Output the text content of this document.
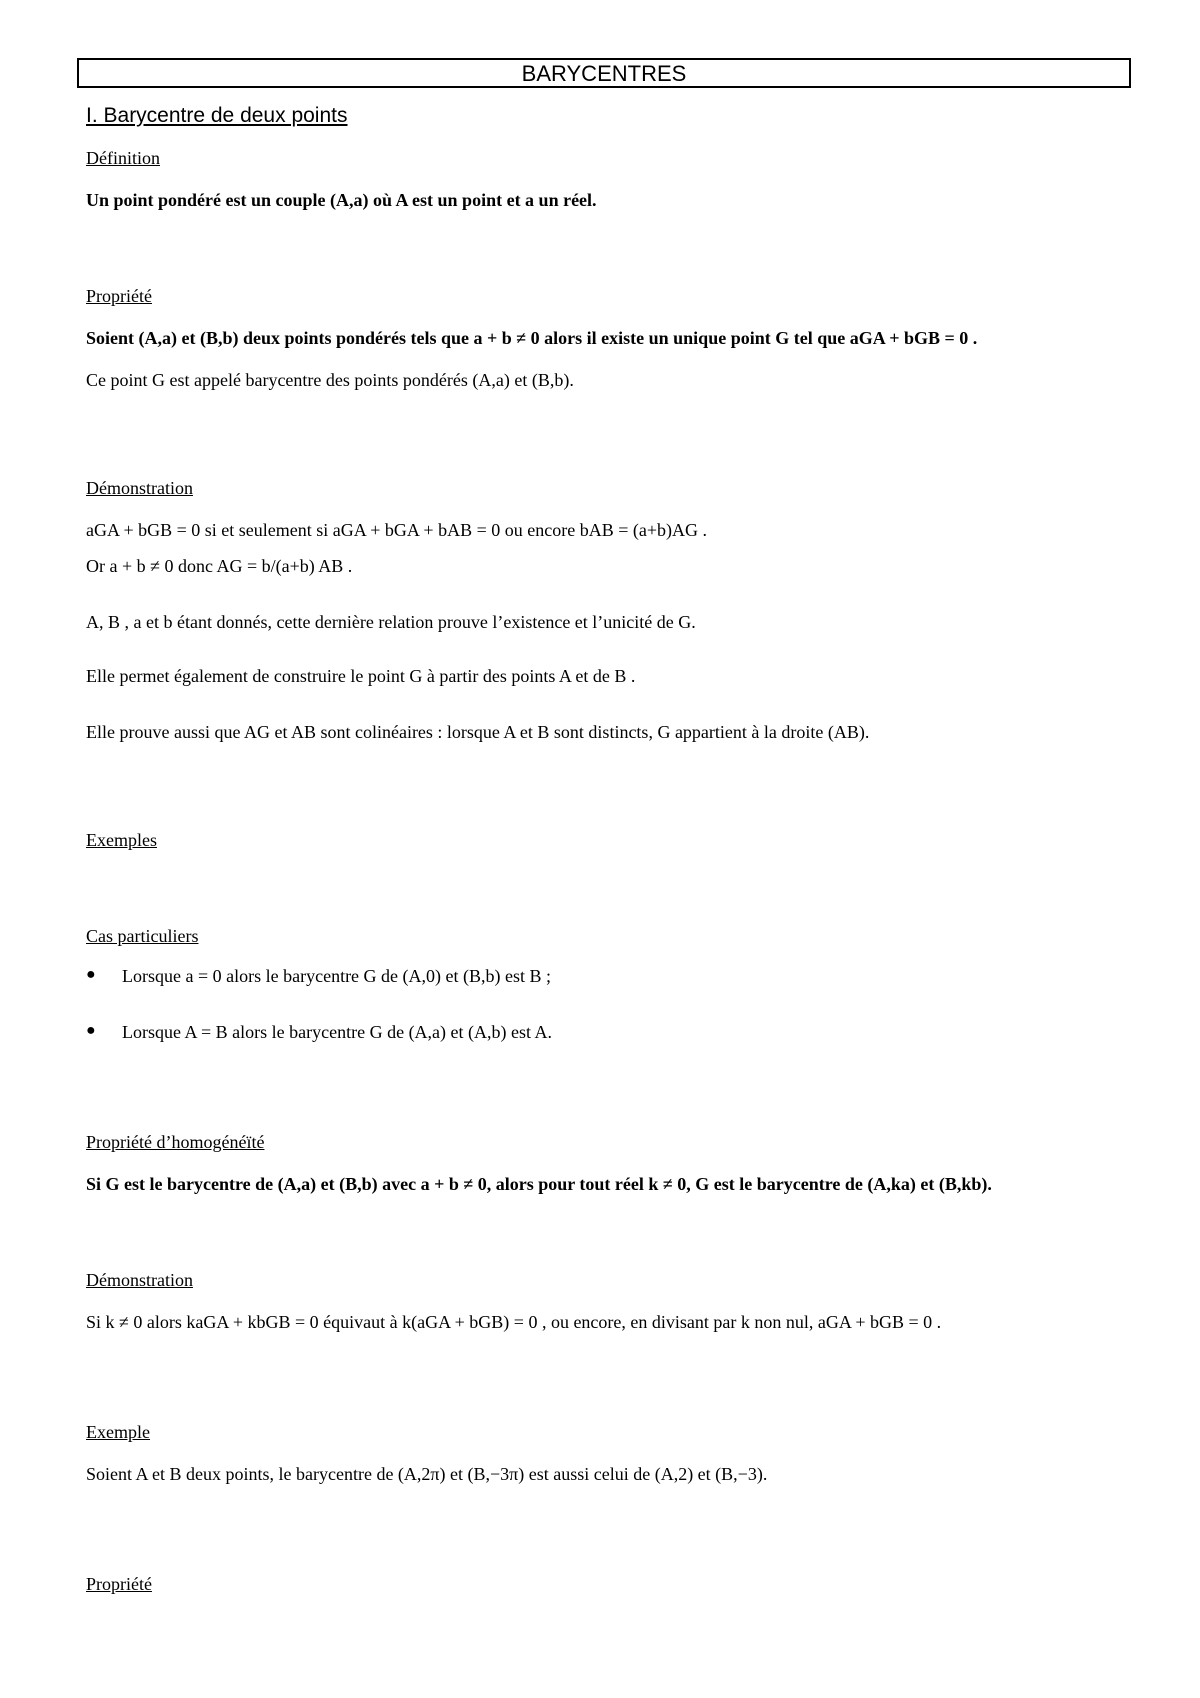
BARYCENTRES
I. Barycentre de deux points
Définition
Un point pondéré est un couple (A,a) où A est un point et a un réel.
Propriété
Soient (A,a) et (B,b) deux points pondérés tels que a + b ≠ 0 alors il existe un unique point G tel que aGA + bGB = 0 .
Ce point G est appelé barycentre des points pondérés (A,a) et (B,b).
Démonstration
aGA + bGB = 0 si et seulement si aGA + bGA + bAB = 0 ou encore bAB = (a+b)AG .
Or a + b ≠ 0 donc AG = b/(a+b) AB .
A, B , a et b étant donnés, cette dernière relation prouve l’existence et l’unicité de G.
Elle permet également de construire le point G à partir des points A et de B .
Elle prouve aussi que AG et AB sont colinéaires : lorsque A et B sont distincts, G appartient à la droite (AB).
Exemples
Cas particuliers
● Lorsque a = 0 alors le barycentre G de (A,0) et (B,b) est B ;
● Lorsque A = B alors le barycentre G de (A,a) et (A,b) est A.
Propriété d’homogénéïté
Si G est le barycentre de (A,a) et (B,b) avec a + b ≠ 0, alors pour tout réel k ≠ 0, G est le barycentre de (A,ka) et (B,kb).
Démonstration
Si k ≠ 0 alors kaGA + kbGB = 0 équivaut à k(aGA + bGB) = 0 , ou encore, en divisant par k non nul, aGA + bGB = 0 .
Exemple
Soient A et B deux points, le barycentre de (A,2π) et (B,−3π) est aussi celui de (A,2) et (B,−3).
Propriété
